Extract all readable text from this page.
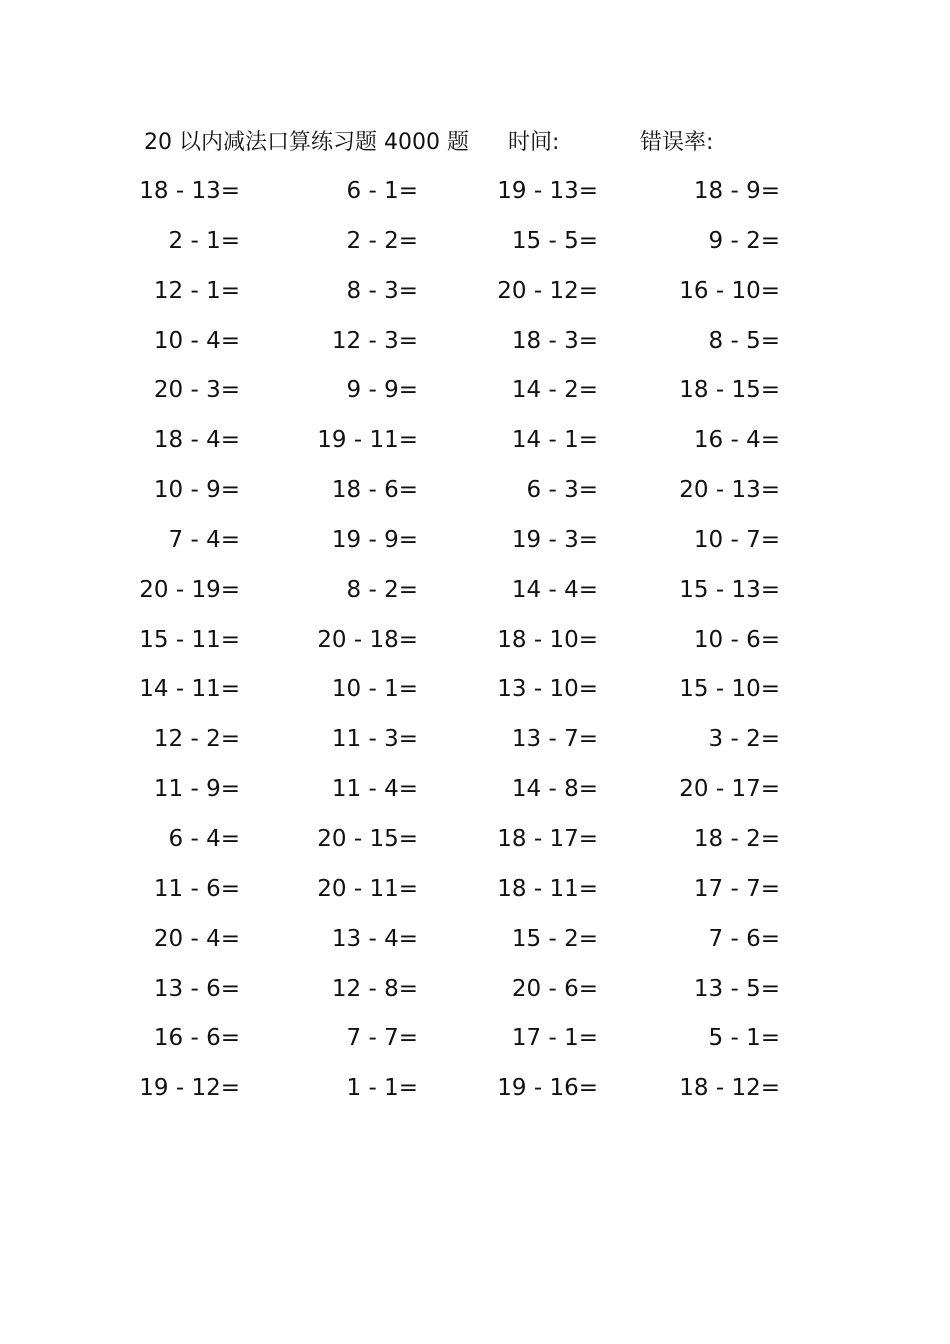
20 以内减法口算练习题 4000 题 时间:	错误率:
18 - 13=	6 - 1=	19 - 13=	18 - 9=
2 - 1=	2 - 2=	15 - 5=	9 - 2=
12 - 1=	8 - 3=	20 - 12=	16 - 10=
10 - 4=	12 - 3=	18 - 3=	8 - 5=
20 - 3=	9 - 9=	14 - 2=	18 - 15=
18 - 4=	19 - 11=	14 - 1=	16 - 4=
10 - 9=	18 - 6=	6 - 3=	20 - 13=
7 - 4=	19 - 9=	19 - 3=	10 - 7=
20 - 19=	8 - 2=	14 - 4=	15 - 13=
15 - 11=	20 - 18=	18 - 10=	10 - 6=
14 - 11=	10 - 1=	13 - 10=	15 - 10=
12 - 2=	11 - 3=	13 - 7=	3 - 2=
11 - 9=	11 - 4=	14 - 8=	20 - 17=
6 - 4=	20 - 15=	18 - 17=	18 - 2=
11 - 6=	20 - 11=	18 - 11=	17 - 7=
20 - 4=	13 - 4=	15 - 2=	7 - 6=
13 - 6=	12 - 8=	20 - 6=	13 - 5=
16 - 6=	7 - 7=	17 - 1=	5 - 1=
19 - 12=	1 - 1=	19 - 16=	18 - 12=
